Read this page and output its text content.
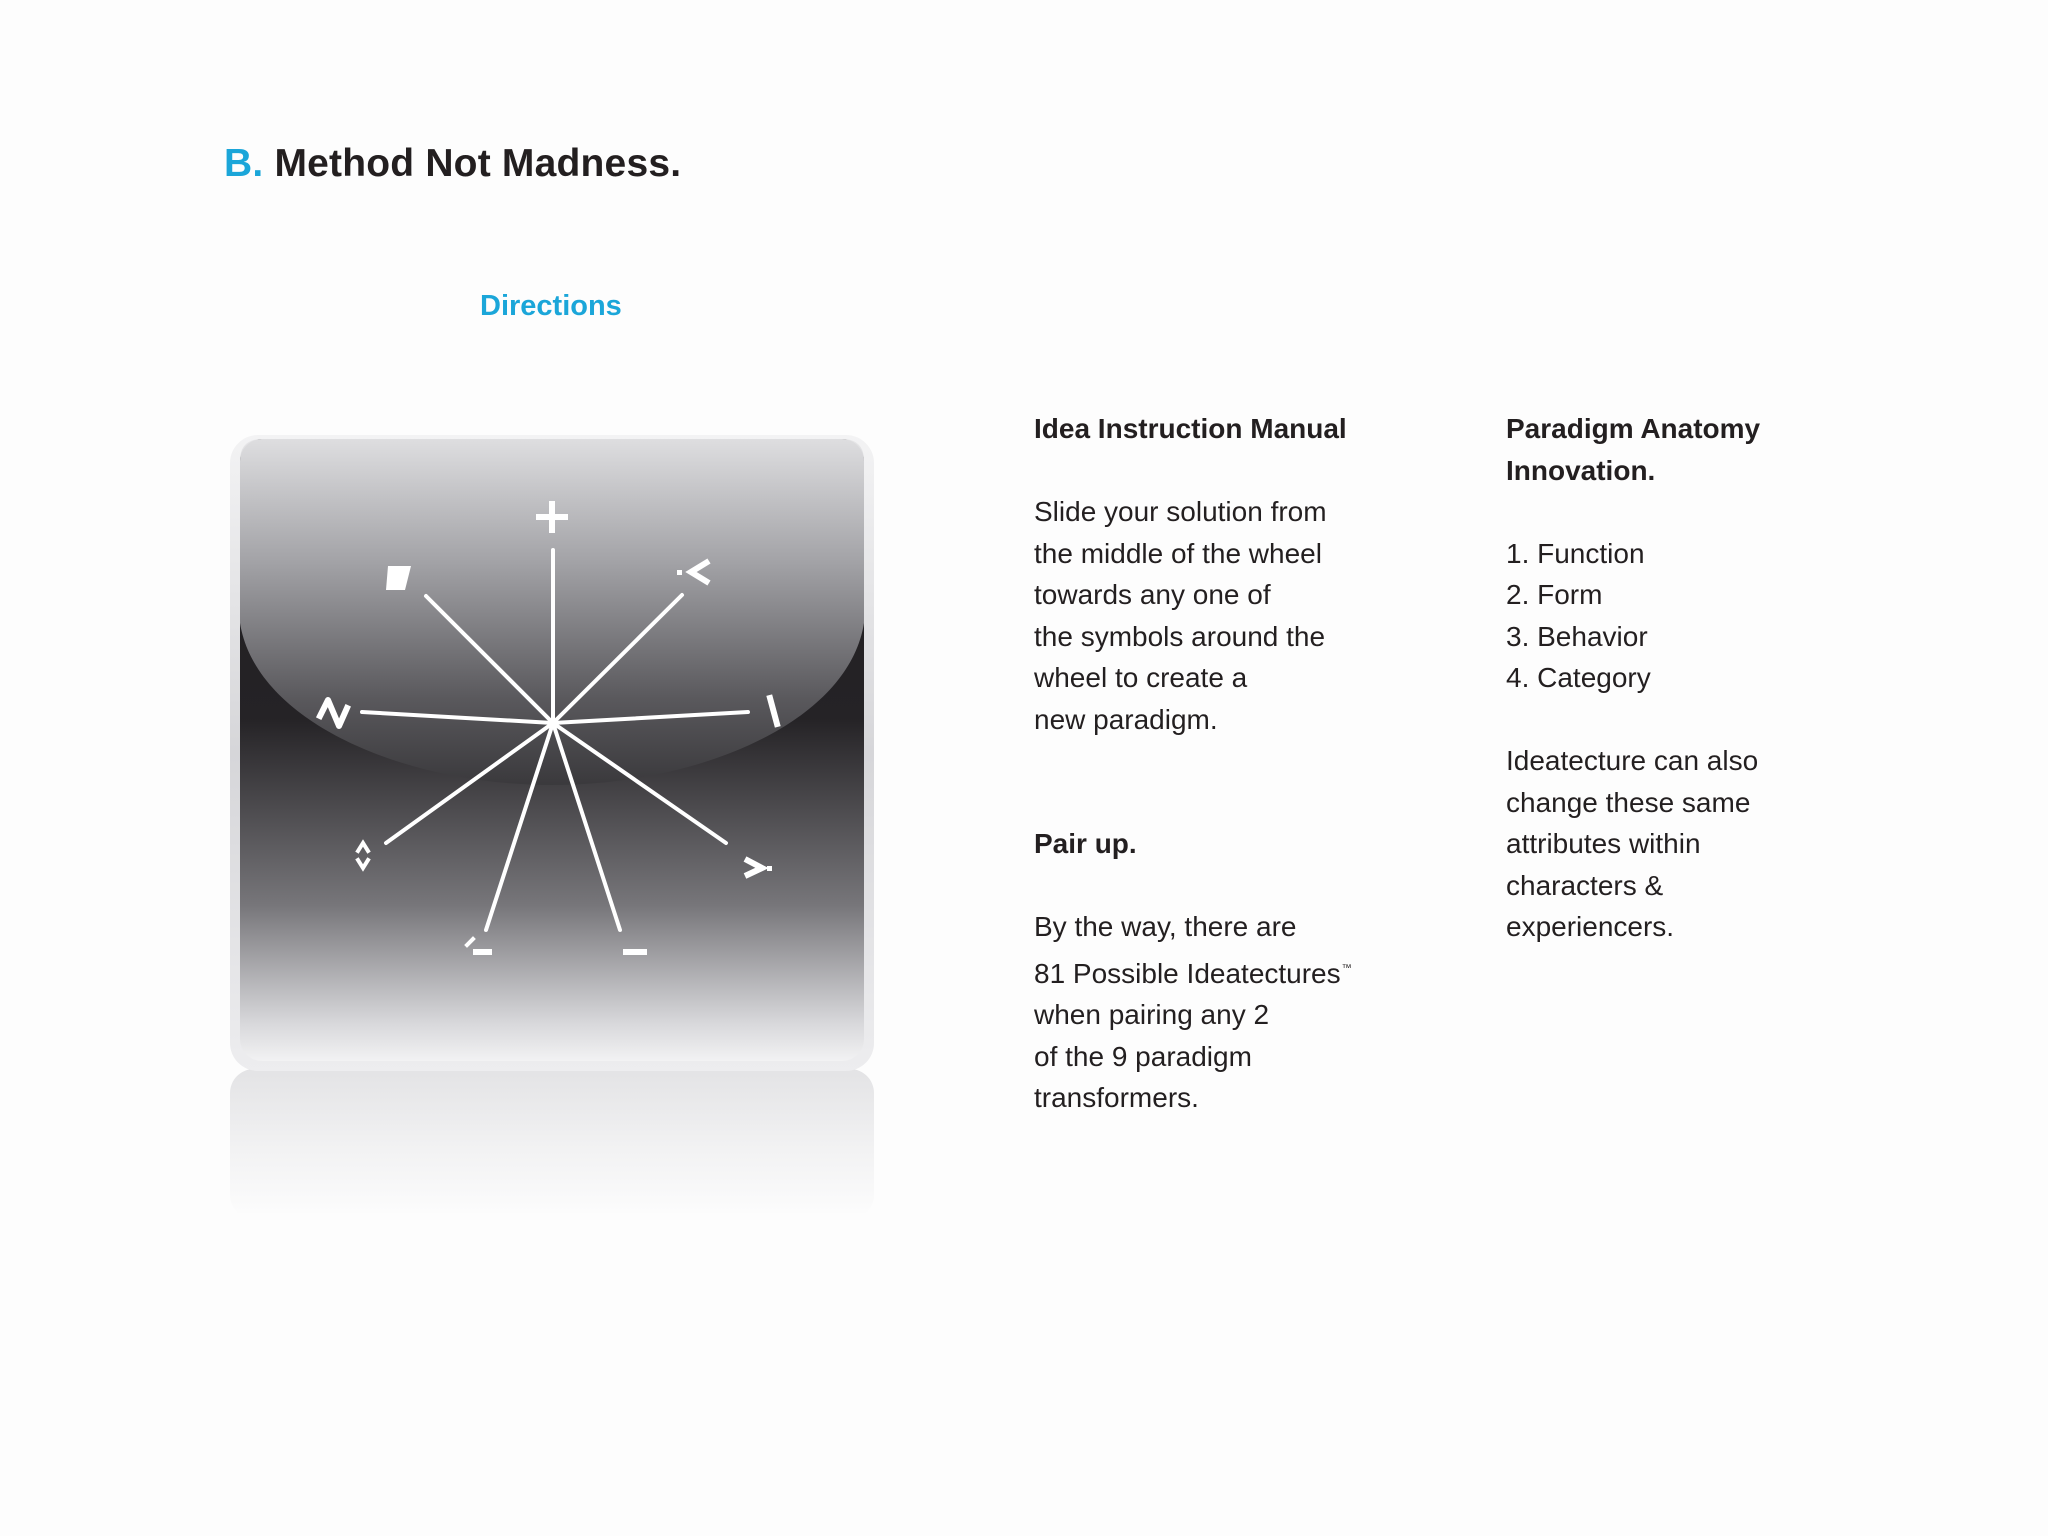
B. Method Not Madness.
Directions

Idea Instruction Manual

Slide your solution from

the middle of the wheel

towards any one of

the symbols around the

wheel to create a

new paradigm.

Pair up.

By the way, there are

81 Possible Ideatectures™

when pairing any 2

of the 9 paradigm

transformers.

Paradigm Anatomy

Innovation.

1. Function
2. Form
3. Behavior
4. Category

Ideatecture can also

change these same

attributes within

characters &

experiencers.
